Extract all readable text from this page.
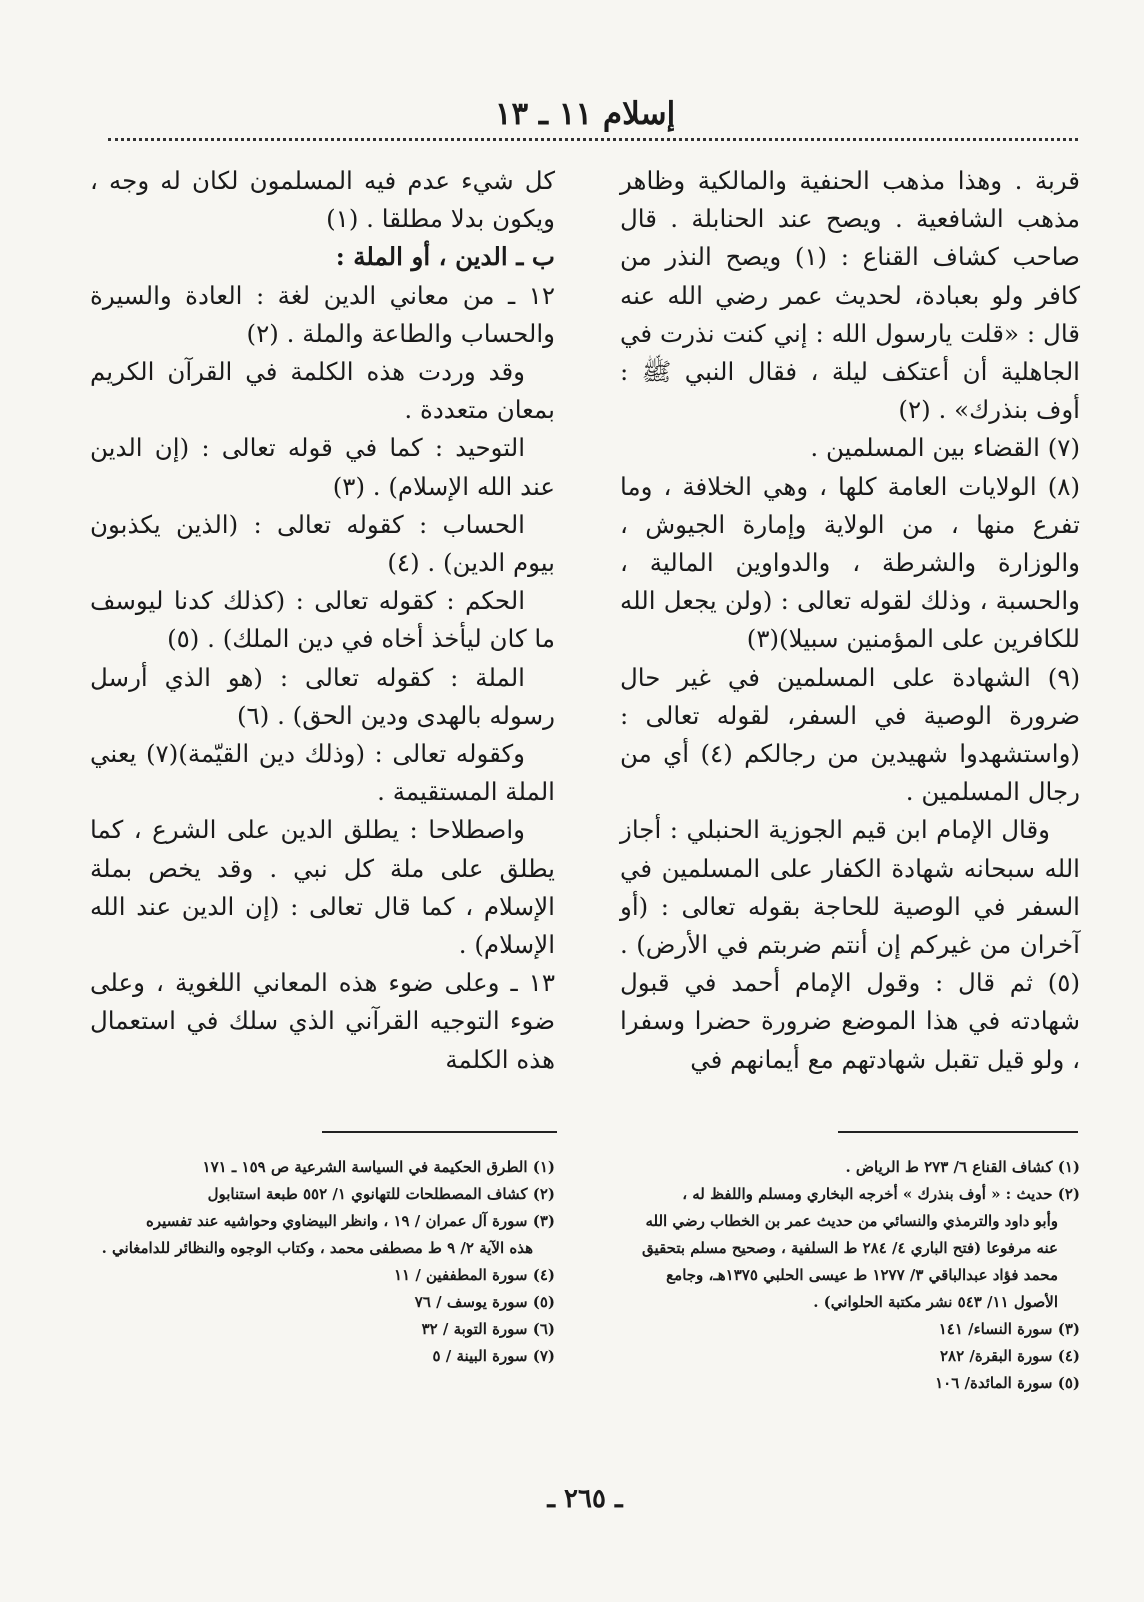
إسلام ١١ ـ ١٣

قربة . وهذا مذهب الحنفية والمالكية وظاهر مذهب الشافعية . ويصح عند الحنابلة . قال صاحب كشاف القناع : (١) ويصح النذر من كافر ولو بعبادة، لحديث عمر رضي الله عنه قال : «قلت يارسول الله : إني كنت نذرت في الجاهلية أن أعتكف ليلة ، فقال النبي ﷺ : أوف بنذرك» . (٢)

(٧) القضاء بين المسلمين .

(٨) الولايات العامة كلها ، وهي الخلافة ، وما تفرع منها ، من الولاية وإمارة الجيوش ، والوزارة والشرطة ، والدواوين المالية ، والحسبة ، وذلك لقوله تعالى : (ولن يجعل الله للكافرين على المؤمنين سبيلا)(٣)

(٩) الشهادة على المسلمين في غير حال ضرورة الوصية في السفر، لقوله تعالى : (واستشهدوا شهيدين من رجالكم (٤) أي من رجال المسلمين .

وقال الإمام ابن قيم الجوزية الحنبلي : أجاز الله سبحانه شهادة الكفار على المسلمين في السفر في الوصية للحاجة بقوله تعالى : (أو آخران من غيركم إن أنتم ضربتم في الأرض) . (٥) ثم قال : وقول الإمام أحمد في قبول شهادته في هذا الموضع ضرورة حضرا وسفرا ، ولو قيل تقبل شهادتهم مع أيمانهم في

كل شيء عدم فيه المسلمون لكان له وجه ، ويكون بدلا مطلقا . (١)

ب ـ الدين ، أو الملة :

١٢ ـ من معاني الدين لغة : العادة والسيرة والحساب والطاعة والملة . (٢)

وقد وردت هذه الكلمة في القرآن الكريم بمعان متعددة .

التوحيد : كما في قوله تعالى : (إن الدين عند الله الإسلام) . (٣)

الحساب : كقوله تعالى : (الذين يكذبون بيوم الدين) . (٤)

الحكم : كقوله تعالى : (كذلك كدنا ليوسف ما كان ليأخذ أخاه في دين الملك) . (٥)

الملة : كقوله تعالى : (هو الذي أرسل رسوله بالهدى ودين الحق) . (٦)

وكقوله تعالى : (وذلك دين القيّمة)(٧) يعني الملة المستقيمة .

واصطلاحا : يطلق الدين على الشرع ، كما يطلق على ملة كل نبي . وقد يخص بملة الإسلام ، كما قال تعالى : (إن الدين عند الله الإسلام) .

١٣ ـ وعلى ضوء هذه المعاني اللغوية ، وعلى ضوء التوجيه القرآني الذي سلك في استعمال هذه الكلمة

(١) كشاف القناع ٦/ ٢٧٣ ط الرياض .

(٢) حديث : « أوف بنذرك » أخرجه البخاري ومسلم واللفظ له ،

وأبو داود والترمذي والنسائي من حديث عمر بن الخطاب رضي الله عنه مرفوعا (فتح الباري ٤/ ٢٨٤ ط السلفية ، وصحيح مسلم بتحقيق محمد فؤاد عبدالباقي ٣/ ١٢٧٧ ط عيسى الحلبي ١٣٧٥هـ، وجامع الأصول ١١/ ٥٤٣ نشر مكتبة الحلواني) .

(٣) سورة النساء/ ١٤١

(٤) سورة البقرة/ ٢٨٢

(٥) سورة المائدة/ ١٠٦

(١) الطرق الحكيمة في السياسة الشرعية ص ١٥٩ ـ ١٧١

(٢) كشاف المصطلحات للتهانوي ١/ ٥٥٢ طبعة استنابول

(٣) سورة آل عمران / ١٩ ، وانظر البيضاوي وحواشيه عند تفسيره

هذه الآية ٢/ ٩ ط مصطفى محمد ، وكتاب الوجوه والنظائر للدامغاني .

(٤) سورة المطففين / ١١

(٥) سورة يوسف / ٧٦

(٦) سورة التوبة / ٣٢

(٧) سورة البينة / ٥

ـ ٢٦٥ ـ
